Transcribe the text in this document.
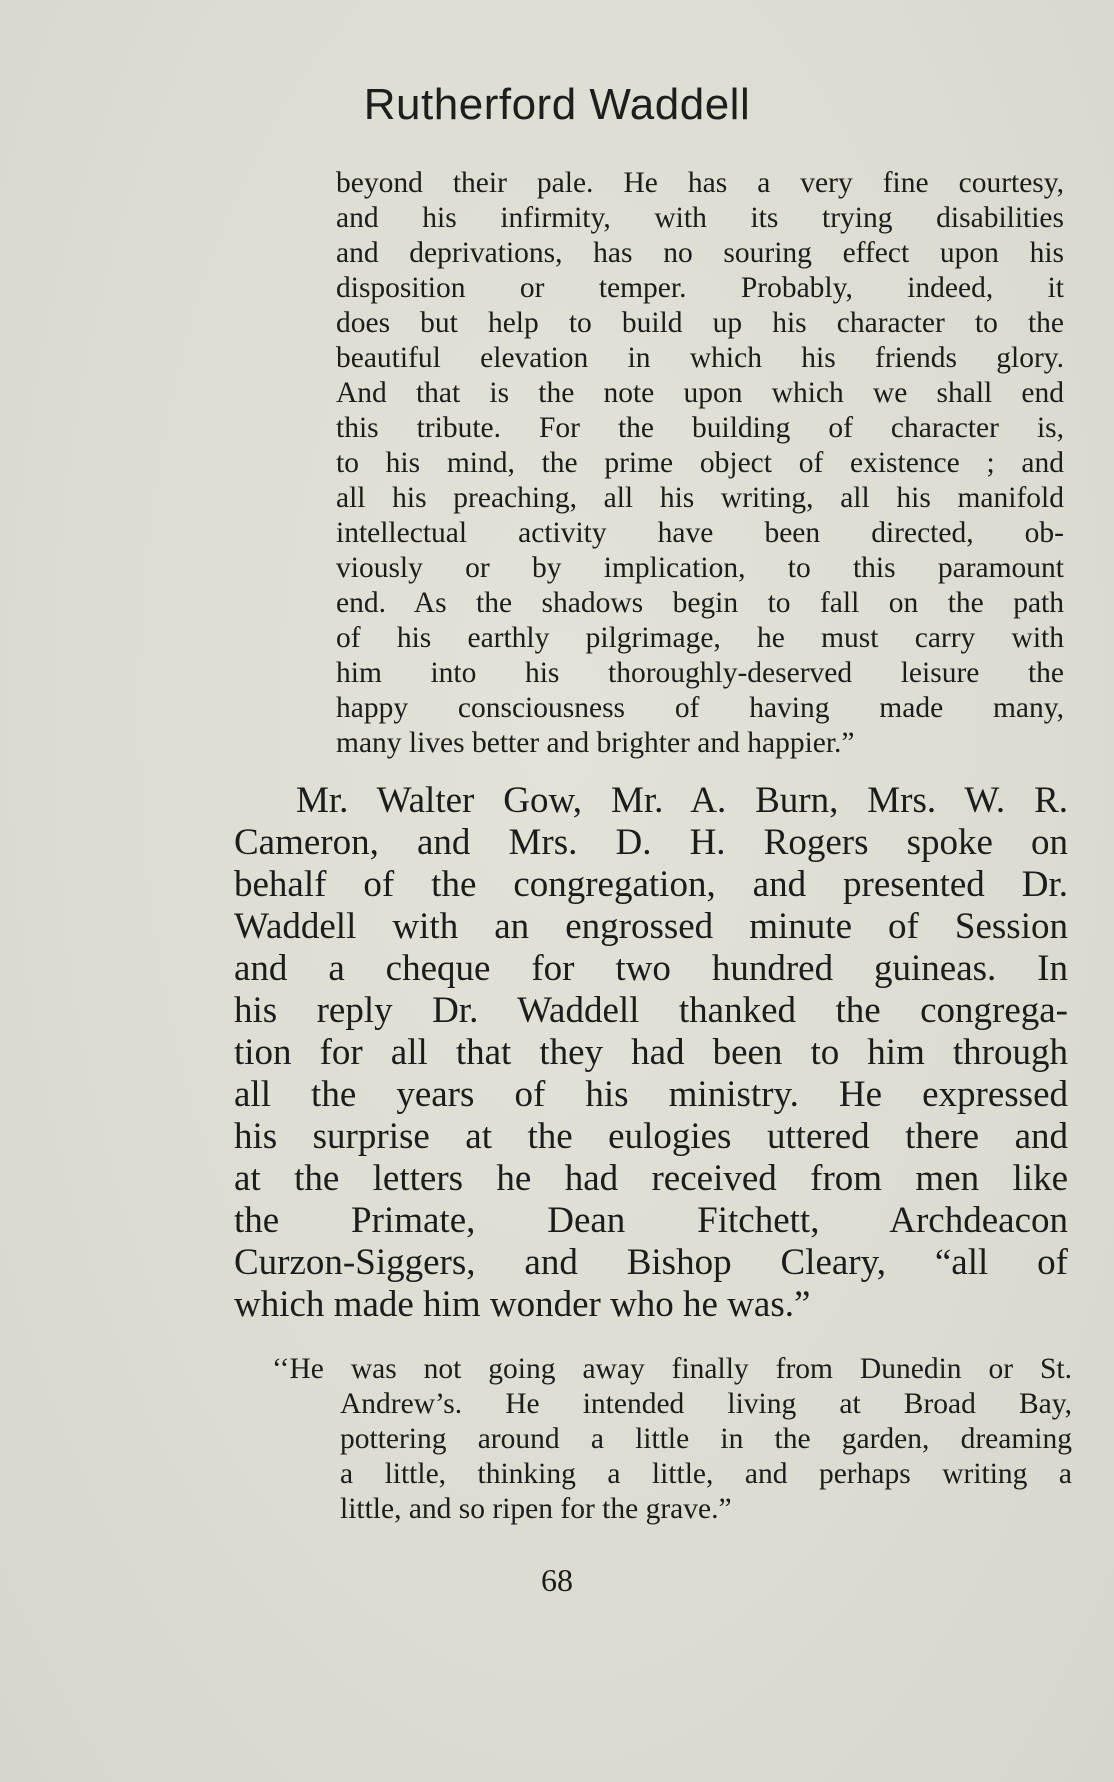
Rutherford Waddell
beyond their pale. He has a very fine courtesy,
and his infirmity, with its trying disabilities
and deprivations, has no souring effect upon his
disposition or temper. Probably, indeed, it
does but help to build up his character to the
beautiful elevation in which his friends glory.
And that is the note upon which we shall end
this tribute. For the building of character is,
to his mind, the prime object of existence ; and
all his preaching, all his writing, all his manifold
intellectual activity have been directed, ob-
viously or by implication, to this paramount
end. As the shadows begin to fall on the path
of his earthly pilgrimage, he must carry with
him into his thoroughly-deserved leisure the
happy consciousness of having made many,
many lives better and brighter and happier.”
Mr. Walter Gow, Mr. A. Burn, Mrs. W. R.
Cameron, and Mrs. D. H. Rogers spoke on
behalf of the congregation, and presented Dr.
Waddell with an engrossed minute of Session
and a cheque for two hundred guineas. In
his reply Dr. Waddell thanked the congrega-
tion for all that they had been to him through
all the years of his ministry. He expressed
his surprise at the eulogies uttered there and
at the letters he had received from men like
the Primate, Dean Fitchett, Archdeacon
Curzon-Siggers, and Bishop Cleary, “all of
which made him wonder who he was.”
‘‘He was not going away finally from Dunedin or St.
Andrew’s. He intended living at Broad Bay,
pottering around a little in the garden, dreaming
a little, thinking a little, and perhaps writing a
little, and so ripen for the grave.”
68
